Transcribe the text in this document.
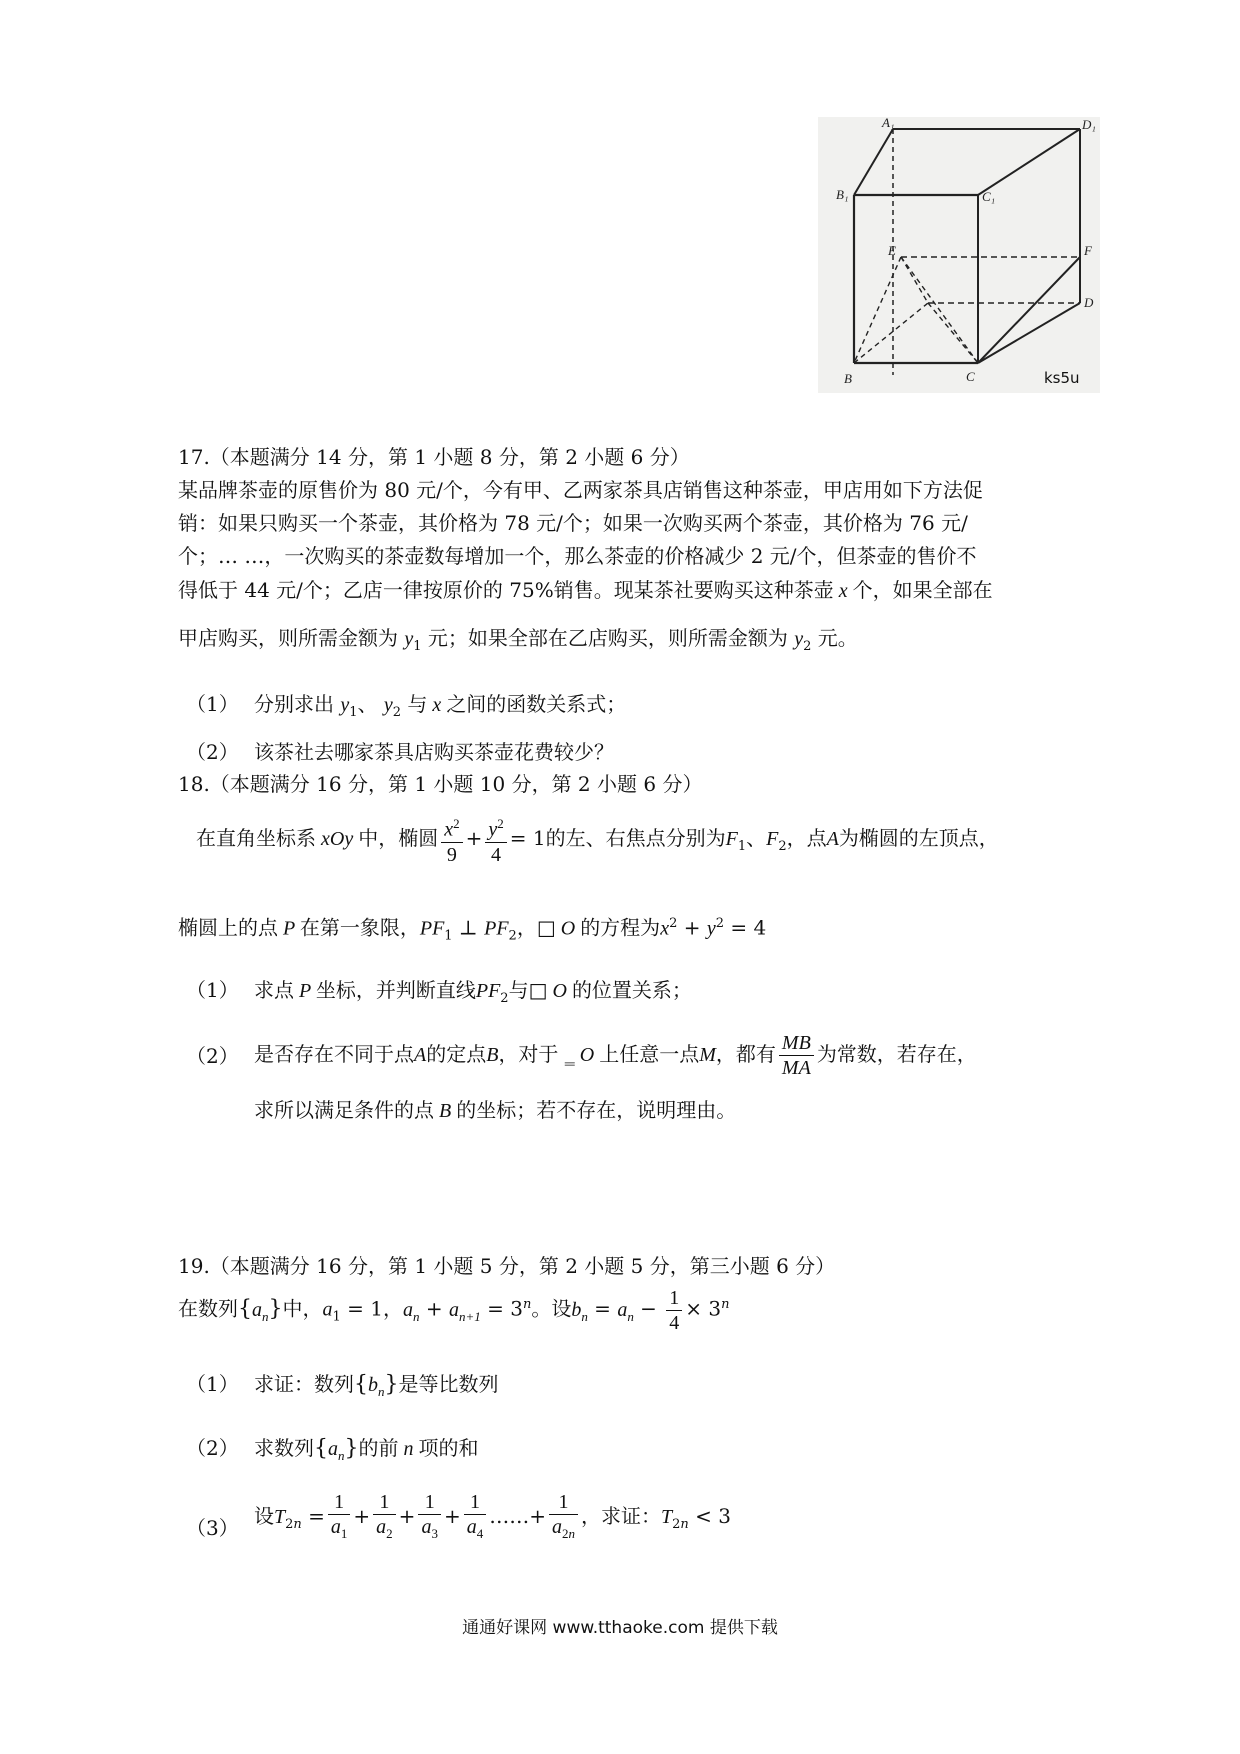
A₁	D₁
B₁	C₁
E	F
D
B	C	ks5u
17.（本题满分 14 分，第 1 小题 8 分，第 2 小题 6 分）
某品牌茶壶的原售价为 80 元/个，今有甲、乙两家茶具店销售这种茶壶，甲店用如下方法促
销：如果只购买一个茶壶，其价格为 78 元/个；如果一次购买两个茶壶，其价格为 76 元/
个；… …，一次购买的茶壶数每增加一个，那么茶壶的价格减少 2 元/个，但茶壶的售价不
得低于 44 元/个；乙店一律按原价的 75%销售。现某茶社要购买这种茶壶 x 个，如果全部在
甲店购买，则所需金额为 $y_1$ 元；如果全部在乙店购买，则所需金额为 $y_2$ 元。
（1） 分别求出 $y_1$、 $y_2$ 与 x 之间的函数关系式；
（2） 该茶社去哪家茶具店购买茶壶花费较少？
18.（本题满分 16 分，第 1 小题 10 分，第 2 小题 6 分）
在直角坐标系 xOy 中，椭圆 $\frac{x^2}{9} + \frac{y^2}{4} = 1$的左、右焦点分别为$F_1$、$F_2$，点A为椭圆的左顶点，
椭圆上的点 P 在第一象限，$PF_1$ ⊥ $PF_2$，□ O 的方程为$x^2 + y^2 = 4$
（1） 求点 P 坐标，并判断直线$PF_2$与□ O 的位置关系；
（2） 是否存在不同于点A的定点B，对于 ‗ O 上任意一点M，都有 $\frac{MB}{MA}$ 为常数，若存在，
求所以满足条件的点 B 的坐标；若不存在，说明理由。
19.（本题满分 16 分，第 1 小题 5 分，第 2 小题 5 分，第三小题 6 分）
在数列$\{a_n\}$中，$a_1 = 1$，$a_n + a_{n+1} = 3^n$。设$b_n = a_n - \frac{1}{4} \times 3^n$
（1） 求证：数列$\{b_n\}$是等比数列
（2） 求数列$\{a_n\}$的前 n 项的和
（3） 设$T_{2n} = \frac{1}{a_1} + \frac{1}{a_2} + \frac{1}{a_3} + \frac{1}{a_4}$ ……+ $\frac{1}{a_{2n}}$ ，求证：$T_{2n} < 3$
通通好课网 www.tthaoke.com 提供下载
